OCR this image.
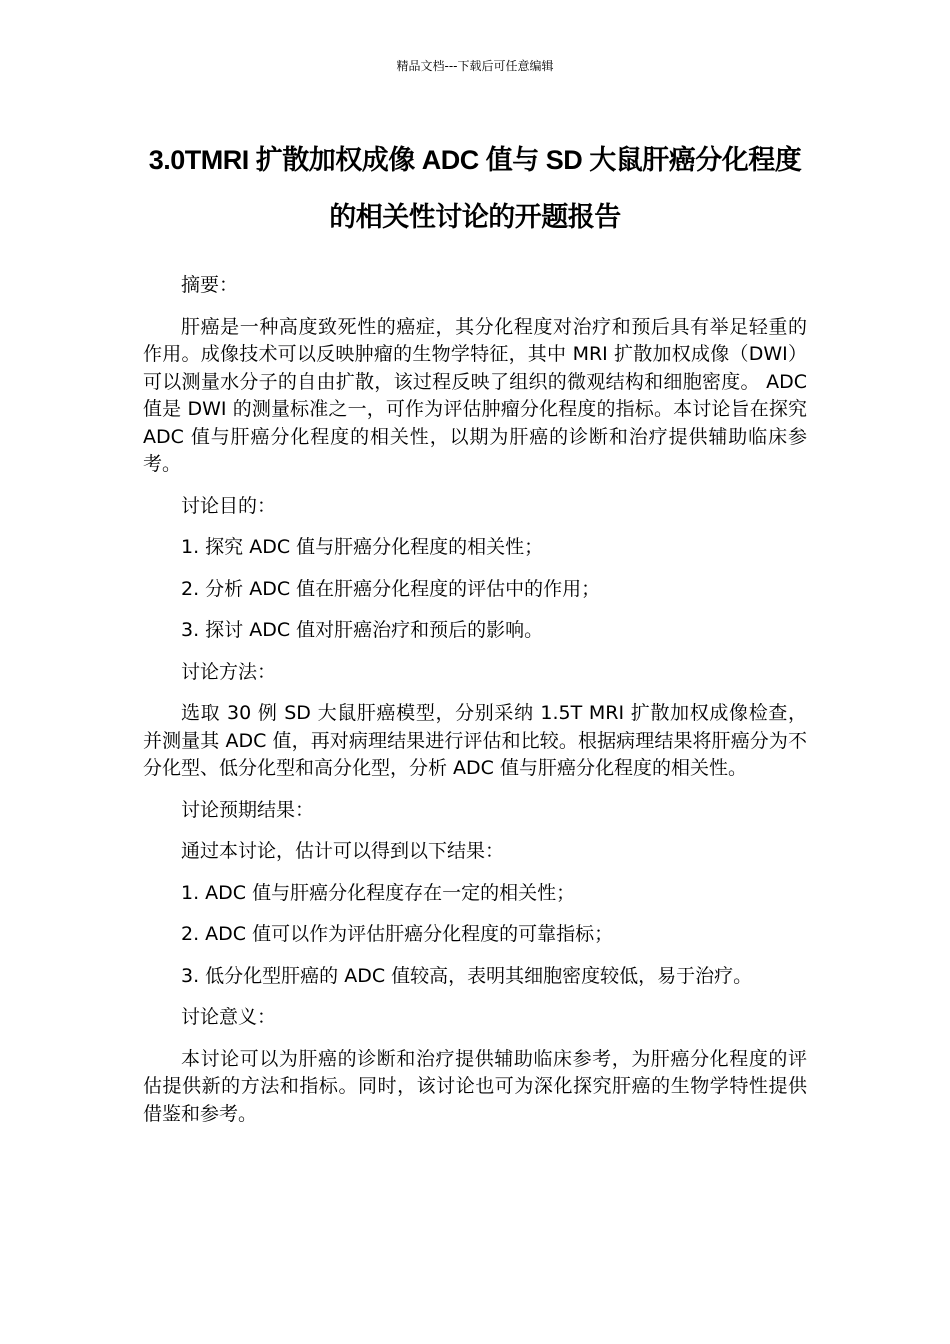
精品文档---下载后可任意编辑
3.0TMRI 扩散加权成像 ADC 值与 SD 大鼠肝癌分化程度的相关性讨论的开题报告

摘要：

肝癌是一种高度致死性的癌症，其分化程度对治疗和预后具有举足轻重的作用。成像技术可以反映肿瘤的生物学特征，其中 MRI 扩散加权成像（DWI）可以测量水分子的自由扩散，该过程反映了组织的微观结构和细胞密度。 ADC 值是 DWI 的测量标准之一，可作为评估肿瘤分化程度的指标。本讨论旨在探究 ADC 值与肝癌分化程度的相关性，以期为肝癌的诊断和治疗提供辅助临床参考。

讨论目的：

1. 探究 ADC 值与肝癌分化程度的相关性；

2. 分析 ADC 值在肝癌分化程度的评估中的作用；

3. 探讨 ADC 值对肝癌治疗和预后的影响。

讨论方法：

选取 30 例 SD 大鼠肝癌模型，分别采纳 1.5T MRI 扩散加权成像检查，并测量其 ADC 值，再对病理结果进行评估和比较。根据病理结果将肝癌分为不分化型、低分化型和高分化型，分析 ADC 值与肝癌分化程度的相关性。

讨论预期结果：

通过本讨论，估计可以得到以下结果：

1. ADC 值与肝癌分化程度存在一定的相关性；

2. ADC 值可以作为评估肝癌分化程度的可靠指标；

3. 低分化型肝癌的 ADC 值较高，表明其细胞密度较低，易于治疗。

讨论意义：

本讨论可以为肝癌的诊断和治疗提供辅助临床参考，为肝癌分化程度的评估提供新的方法和指标。同时，该讨论也可为深化探究肝癌的生物学特性提供借鉴和参考。
